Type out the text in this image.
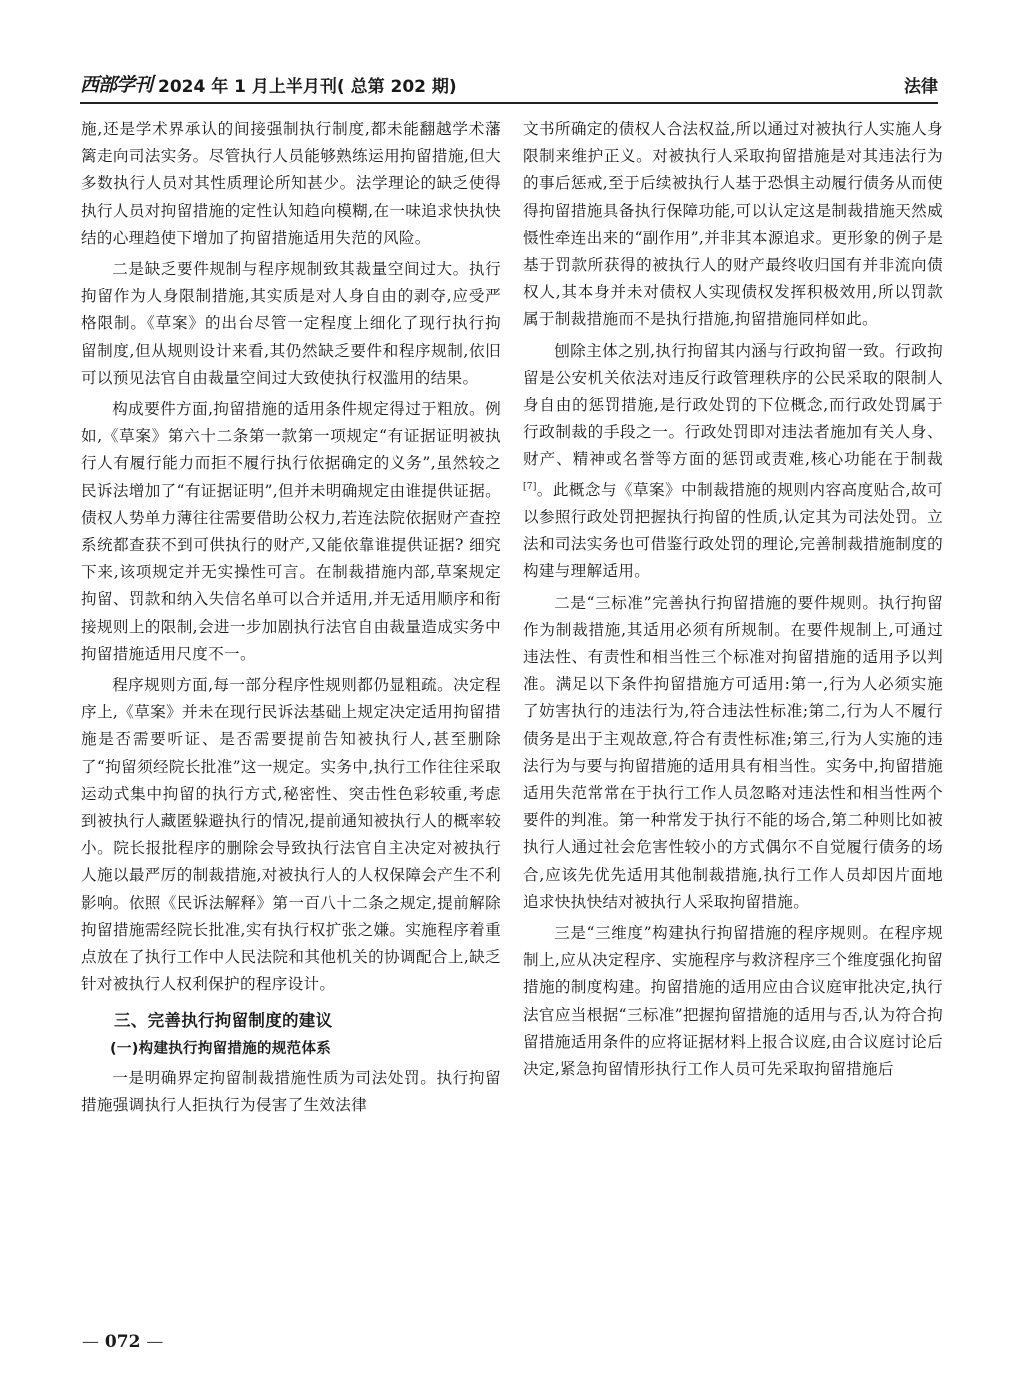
西部学刊 2024 年 1 月上半月刊( 总第 202 期)	法律

施,还是学术界承认的间接强制执行制度,都未能翻越学术藩篱走向司法实务。尽管执行人员能够熟练运用拘留措施,但大多数执行人员对其性质理论所知甚少。法学理论的缺乏使得执行人员对拘留措施的定性认知趋向模糊,在一味追求快执快结的心理趋使下增加了拘留措施适用失范的风险。

二是缺乏要件规制与程序规制致其裁量空间过大。执行拘留作为人身限制措施,其实质是对人身自由的剥夺,应受严格限制。《草案》的出台尽管一定程度上细化了现行执行拘留制度,但从规则设计来看,其仍然缺乏要件和程序规制,依旧可以预见法官自由裁量空间过大致使执行权滥用的结果。

构成要件方面,拘留措施的适用条件规定得过于粗放。例如,《草案》第六十二条第一款第一项规定“有证据证明被执行人有履行能力而拒不履行执行依据确定的义务”,虽然较之民诉法增加了“有证据证明”,但并未明确规定由谁提供证据。债权人势单力薄往往需要借助公权力,若连法院依据财产查控系统都查获不到可供执行的财产,又能依靠谁提供证据? 细究下来,该项规定并无实操性可言。在制裁措施内部,草案规定拘留、罚款和纳入失信名单可以合并适用,并无适用顺序和衔接规则上的限制,会进一步加剧执行法官自由裁量造成实务中拘留措施适用尺度不一。

程序规则方面,每一部分程序性规则都仍显粗疏。决定程序上,《草案》并未在现行民诉法基础上规定决定适用拘留措施是否需要听证、是否需要提前告知被执行人,甚至删除了“拘留须经院长批准”这一规定。实务中,执行工作往往采取运动式集中拘留的执行方式,秘密性、突击性色彩较重,考虑到被执行人藏匿躲避执行的情况,提前通知被执行人的概率较小。院长报批程序的删除会导致执行法官自主决定对被执行人施以最严厉的制裁措施,对被执行人的人权保障会产生不利影响。依照《民诉法解释》第一百八十二条之规定,提前解除拘留措施需经院长批准,实有执行权扩张之嫌。实施程序着重点放在了执行工作中人民法院和其他机关的协调配合上,缺乏针对被执行人权利保护的程序设计。

三、完善执行拘留制度的建议
(一)构建执行拘留措施的规范体系

一是明确界定拘留制裁措施性质为司法处罚。执行拘留措施强调执行人拒执行为侵害了生效法律

文书所确定的债权人合法权益,所以通过对被执行人实施人身限制来维护正义。对被执行人采取拘留措施是对其违法行为的事后惩戒,至于后续被执行人基于恐惧主动履行债务从而使得拘留措施具备执行保障功能,可以认定这是制裁措施天然威慑性牵连出来的“副作用”,并非其本源追求。更形象的例子是基于罚款所获得的被执行人的财产最终收归国有并非流向债权人,其本身并未对债权人实现债权发挥积极效用,所以罚款属于制裁措施而不是执行措施,拘留措施同样如此。

刨除主体之别,执行拘留其内涵与行政拘留一致。行政拘留是公安机关依法对违反行政管理秩序的公民采取的限制人身自由的惩罚措施,是行政处罚的下位概念,而行政处罚属于行政制裁的手段之一。行政处罚即对违法者施加有关人身、财产、精神或名誉等方面的惩罚或责难,核心功能在于制裁[7]。此概念与《草案》中制裁措施的规则内容高度贴合,故可以参照行政处罚把握执行拘留的性质,认定其为司法处罚。立法和司法实务也可借鉴行政处罚的理论,完善制裁措施制度的构建与理解适用。

二是“三标准”完善执行拘留措施的要件规则。执行拘留作为制裁措施,其适用必须有所规制。在要件规制上,可通过违法性、有责性和相当性三个标准对拘留措施的适用予以判准。满足以下条件拘留措施方可适用:第一,行为人必须实施了妨害执行的违法行为,符合违法性标准;第二,行为人不履行债务是出于主观故意,符合有责性标准;第三,行为人实施的违法行为与要与拘留措施的适用具有相当性。实务中,拘留措施适用失范常常在于执行工作人员忽略对违法性和相当性两个要件的判准。第一种常发于执行不能的场合,第二种则比如被执行人通过社会危害性较小的方式偶尔不自觉履行债务的场合,应该先优先适用其他制裁措施,执行工作人员却因片面地追求快执快结对被执行人采取拘留措施。

三是“三维度”构建执行拘留措施的程序规则。在程序规制上,应从决定程序、实施程序与救济程序三个维度强化拘留措施的制度构建。拘留措施的适用应由合议庭审批决定,执行法官应当根据“三标准”把握拘留措施的适用与否,认为符合拘留措施适用条件的应将证据材料上报合议庭,由合议庭讨论后决定,紧急拘留情形执行工作人员可先采取拘留措施后

— 072 —
